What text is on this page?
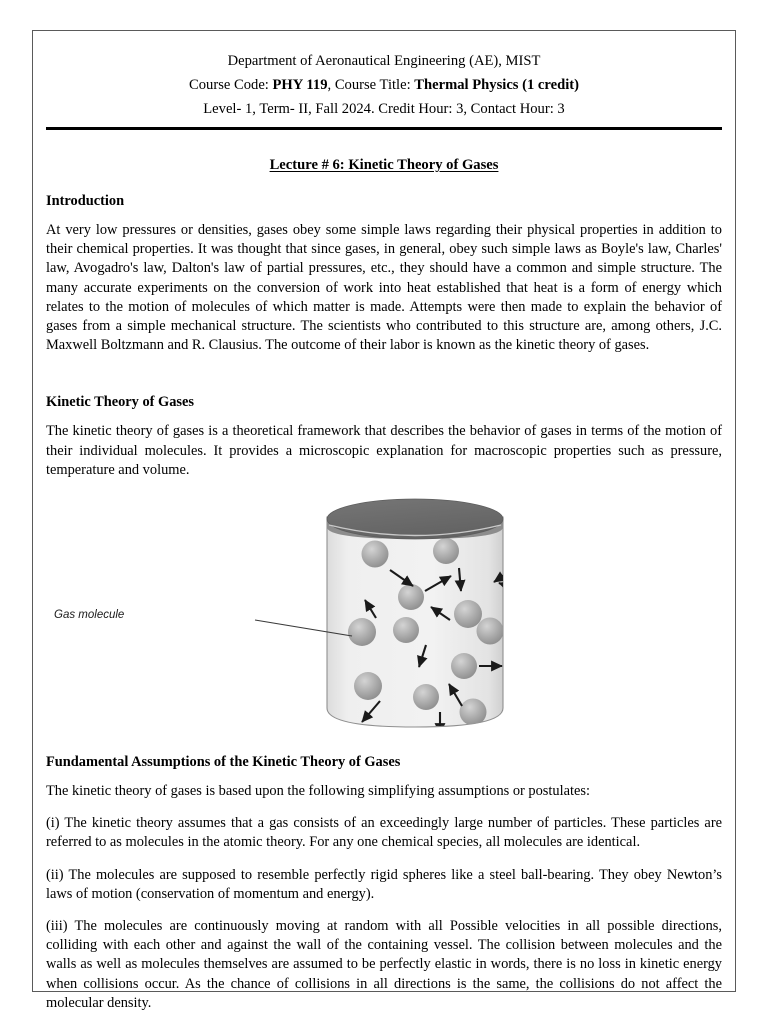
Department of Aeronautical Engineering (AE), MIST
Course Code: PHY 119, Course Title: Thermal Physics (1 credit)
Level- 1, Term- II, Fall 2024. Credit Hour: 3, Contact Hour: 3
Lecture # 6: Kinetic Theory of Gases
Introduction

At very low pressures or densities, gases obey some simple laws regarding their physical properties in addition to their chemical properties. It was thought that since gases, in general, obey such simple laws as Boyle's law, Charles' law, Avogadro's law, Dalton's law of partial pressures, etc., they should have a common and simple structure. The many accurate experiments on the conversion of work into heat established that heat is a form of energy which relates to the motion of molecules of which matter is made. Attempts were then made to explain the behavior of gases from a simple mechanical structure. The scientists who contributed to this structure are, among others, J.C. Maxwell Boltzmann and R. Clausius. The outcome of their labor is known as the kinetic theory of gases.

Kinetic Theory of Gases

The kinetic theory of gases is a theoretical framework that describes the behavior of gases in terms of the motion of their individual molecules. It provides a microscopic explanation for macroscopic properties such as pressure, temperature and volume.

Gas molecule
Fundamental Assumptions of the Kinetic Theory of Gases

The kinetic theory of gases is based upon the following simplifying assumptions or postulates:

(i) The kinetic theory assumes that a gas consists of an exceedingly large number of particles. These particles are referred to as molecules in the atomic theory. For any one chemical species, all molecules are identical.

(ii) The molecules are supposed to resemble perfectly rigid spheres like a steel ball-bearing. They obey Newton’s laws of motion (conservation of momentum and energy).

(iii) The molecules are continuously moving at random with all Possible velocities in all possible directions, colliding with each other and against the wall of the containing vessel. The collision between molecules and the walls as well as molecules themselves are assumed to be perfectly elastic in words, there is no loss in kinetic energy when collisions occur. As the chance of collisions in all directions is the same, the collisions do not affect the molecular density.
